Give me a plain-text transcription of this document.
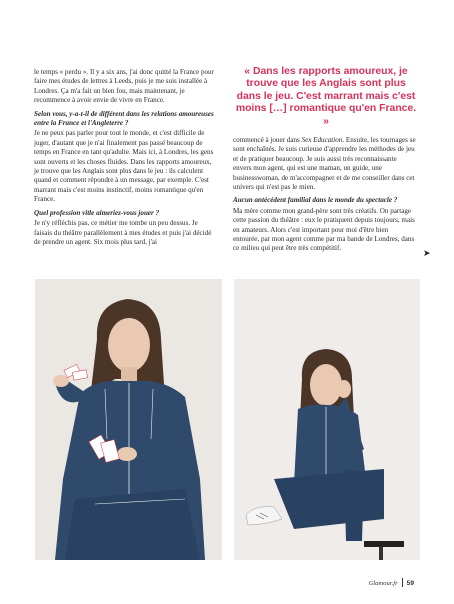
le temps « perdu ». Il y a six ans, j'ai donc quitté la France pour faire mes études de lettres à Leeds, puis je me suis installée à Londres. Ça m'a fait un bien fou, mais maintenant, je recommence à avoir envie de vivre en France.

Selon vous, y-a-t-il de différent dans les relations amoureuses entre la France et l'Angleterre ?

Je ne peux pas parler pour tout le monde, et c'est difficile de juger, d'autant que je n'ai finalement pas passé beaucoup de temps en France en tant qu'adulte. Mais ici, à Londres, les gens sont ouverts et les choses fluides. Dans les rapports amoureux, je trouve que les Anglais sont plus dans le jeu : ils calculent quand et comment répondre à un message, par exemple. C'est marrant mais c'est moins instinctif, moins romantique qu'en France.

Quel profession vitle aimeriez-vous jouer ?

Je n'y réfléchis pas, ce métier me tombe un peu dessus. Je faisais du théâtre parallèlement à mes études et puis j'ai décidé de prendre un agent. Six mois plus tard, j'ai

« Dans les rapports amoureux, je trouve que les Anglais sont plus dans le jeu. C'est marrant mais c'est moins […] romantique qu'en France. »

commencé à jouer dans Sex Education. Ensuite, les tournages se sont enchaînés. Je suis curieuse d'apprendre les méthodes de jeu et de pratiquer beaucoup. Je suis aussi très reconnaissante envers mon agent, qui est une maman, un guide, une businesswoman, de m'accompagner et de me conseiller dans cet univers qui n'est pas le mien.

Aucun antécédent familial dans le monde du spectacle ?

Ma mère comme mon grand-père sont très créatifs. On partage cette passion du théâtre : eux le pratiquent depuis toujours, mais en amateurs. Alors c'est important pour moi d'être bien entourée, par mon agent comme par ma bande de Londres, dans ce milieu qui peut être très compétitif.

➤
Glamour.fr 59
